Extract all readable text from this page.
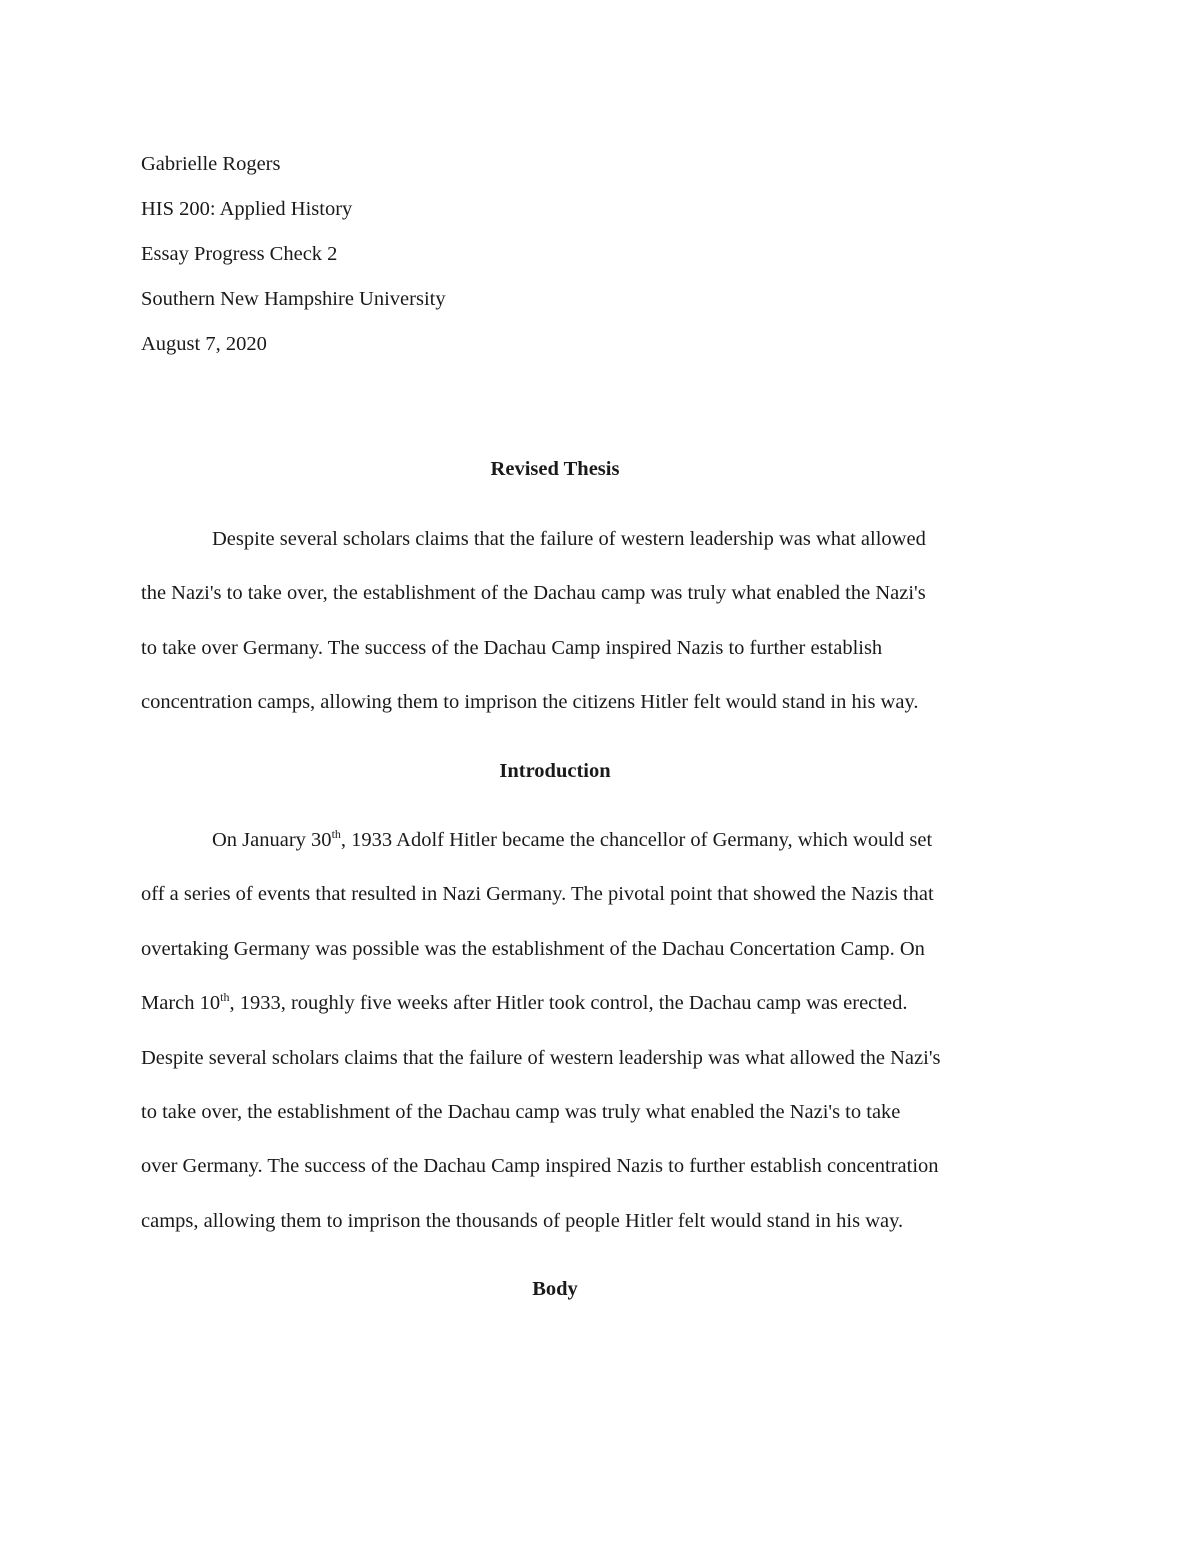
Gabrielle Rogers
HIS 200: Applied History
Essay Progress Check 2
Southern New Hampshire University
August 7, 2020
Revised Thesis
Despite several scholars claims that the failure of western leadership was what allowed
the Nazi's to take over, the establishment of the Dachau camp was truly what enabled the Nazi's
to take over Germany. The success of the Dachau Camp inspired Nazis to further establish
concentration camps, allowing them to imprison the citizens Hitler felt would stand in his way.
Introduction
On January 30th, 1933 Adolf Hitler became the chancellor of Germany, which would set
off a series of events that resulted in Nazi Germany. The pivotal point that showed the Nazis that
overtaking Germany was possible was the establishment of the Dachau Concertation Camp. On
March 10th, 1933, roughly five weeks after Hitler took control, the Dachau camp was erected.
Despite several scholars claims that the failure of western leadership was what allowed the Nazi's
to take over, the establishment of the Dachau camp was truly what enabled the Nazi's to take
over Germany. The success of the Dachau Camp inspired Nazis to further establish concentration
camps, allowing them to imprison the thousands of people Hitler felt would stand in his way.
Body
